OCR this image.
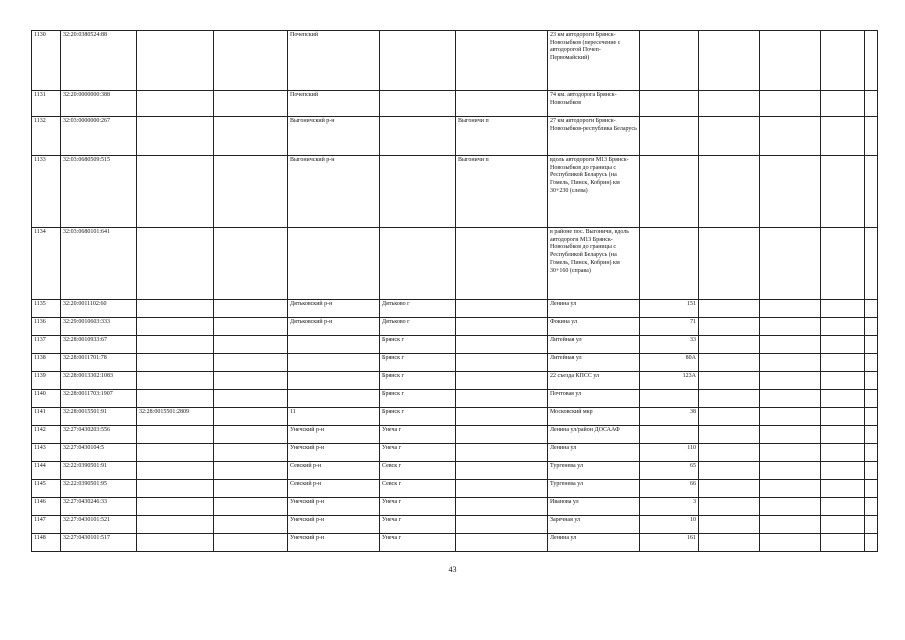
1130	32:20:0380524:88			Почепский			23 км автодороги Брянск-Новозыбков (пересечение с автодорогой Почеп-Первомайский)					
1131	32:20:0000000:388			Почепский			74 км. автодорога Брянск-Новозыбков					
1132	32:03:0000000:267			Выгоничский р-н		Выгоничи п	27 км автодороги Брянск-Новозыбков-республика Беларусь					
1133	32:03:0680509:515			Выгоничский р-н		Выгоничи п	вдоль автодороги М13 Брянск- Новозыбков до границы с Республикой Беларусь (на Гомель, Пинск, Кобрин) км 30+230 (слева)					
1134	32:03:0680101:641						в районе пос. Выгоничи, вдоль автодороги М13 Брянск- Новозыбков до границы с Республикой Беларусь (на Гомель, Пинск, Кобрин) км 30+160 (справа)					
1135	32:20:0011102:60			Дятьковский р-н	Дятьково г		Ленина ул	151				
1136	32:29:0010603:333			Дятьковский р-н	Дятьково г		Фокина ул	71				
1137	32:28:0010933:67				Брянск г		Литейная ул	33				
1138	32:28:0011701:78				Брянск г		Литейная ул	80А				
1139	32:28:0013302:1083				Брянск г		22 съезда КПСС ул	123А				
1140	32:28:0011703:1907				Брянск г		Почтовая ул					
1141	32:28:0015501:91	32:28:0015501:2809		11	Брянск г		Московский мкр	38				
1142	32:27:0430203:556			Унечский р-н	Унеча г		Ленина ул/район ДОСААФ					
1143	32:27:0430104:5			Унечский р-н	Унеча г		Ленина ул	110				
1144	32:22:0390501:91			Севский р-н	Севск г		Тургенева ул	65				
1145	32:22:0390501:95			Севский р-н	Севск г		Тургенева ул	66				
1146	32:27:0430246:33			Унечский р-н	Унеча г		Иванова ул	3				
1147	32:27:0430101:521			Унечский р-н	Унеча г		Заречная ул	10				
1148	32:27:0430101:517			Унечский р-н	Унеча г		Ленина ул	161				
43
